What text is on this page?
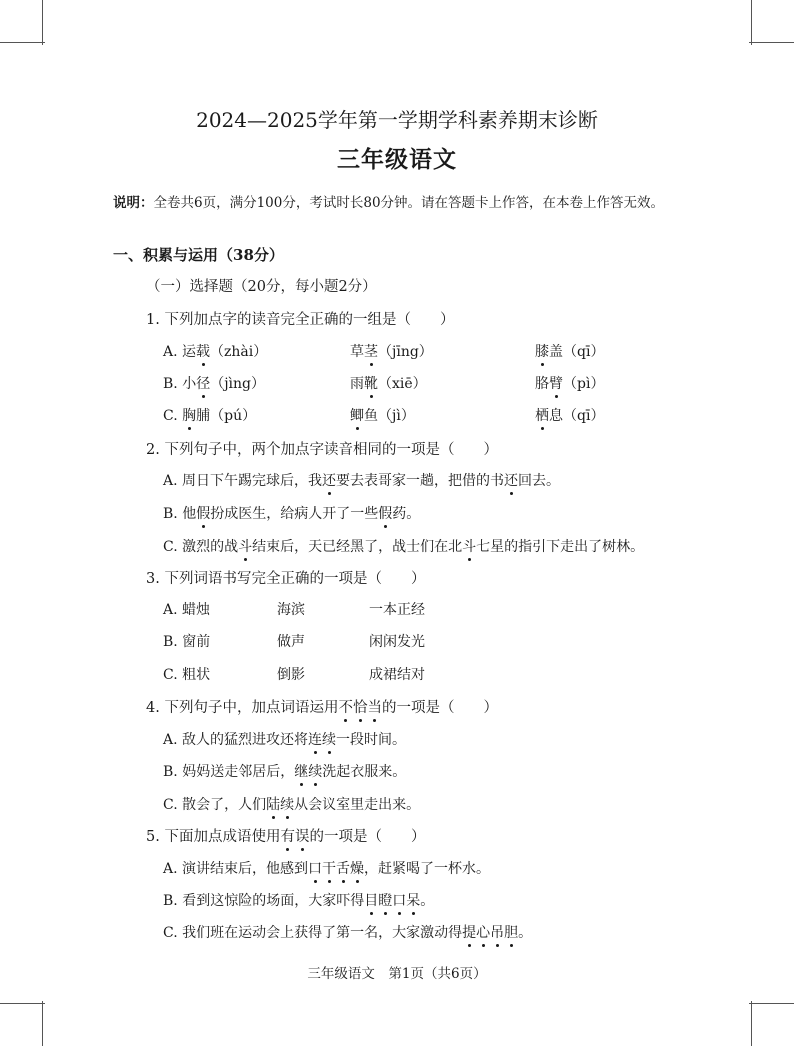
2024—2025学年第一学期学科素养期末诊断
三年级语文
说明：全卷共6页，满分100分，考试时长80分钟。请在答题卡上作答，在本卷上作答无效。
一、积累与运用（38分）
（一）选择题（20分，每小题2分）
1. 下列加点字的读音完全正确的一组是（　　）
A. 运载（zhài）	草茎（jīng）	膝盖（qī）
B. 小径（jìng）	雨靴（xiē）	胳臂（pì）
C. 胸脯（pú）	鲫鱼（jì）	栖息（qī）
2. 下列句子中，两个加点字读音相同的一项是（　　）
A. 周日下午踢完球后，我还要去表哥家一趟，把借的书还回去。
B. 他假扮成医生，给病人开了一些假药。
C. 激烈的战斗结束后，天已经黑了，战士们在北斗七星的指引下走出了树林。
3. 下列词语书写完全正确的一项是（　　）
A. 蜡烛	海滨	一本正经
B. 窗前	做声	闲闲发光
C. 粗状	倒影	成裙结对
4. 下列句子中，加点词语运用不恰当的一项是（　　）
A. 敌人的猛烈进攻还将连续一段时间。
B. 妈妈送走邻居后，继续洗起衣服来。
C. 散会了，人们陆续从会议室里走出来。
5. 下面加点成语使用有误的一项是（　　）
A. 演讲结束后，他感到口干舌燥，赶紧喝了一杯水。
B. 看到这惊险的场面，大家吓得目瞪口呆。
C. 我们班在运动会上获得了第一名，大家激动得提心吊胆。
三年级语文　第1页（共6页）
